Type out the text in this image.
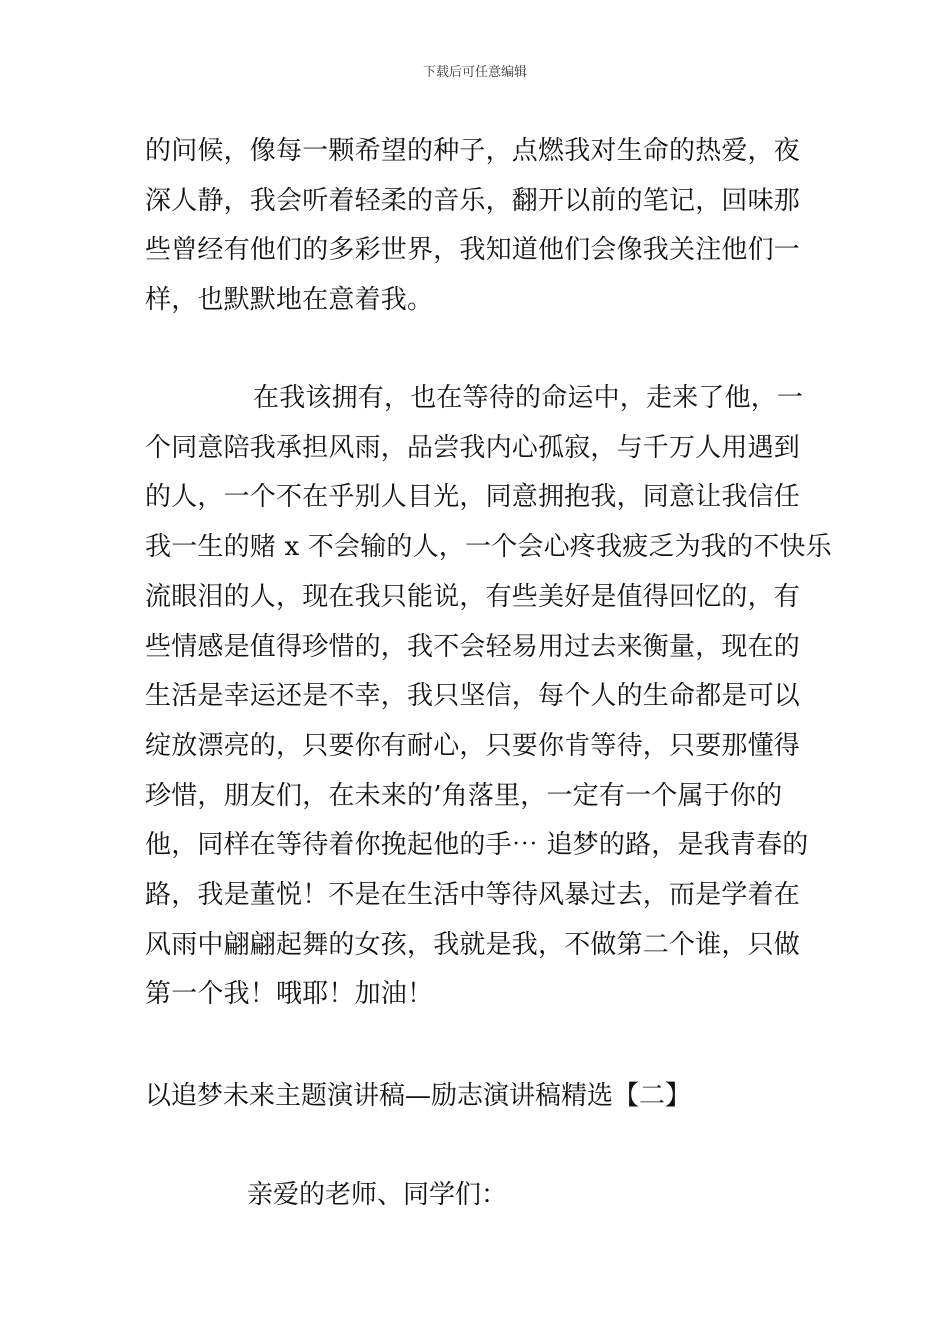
下载后可任意编辑
的问候，像每一颗希望的种子，点燃我对生命的热爱，夜
深人静，我会听着轻柔的音乐，翻开以前的笔记，回味那
些曾经有他们的多彩世界，我知道他们会像我关注他们一
样，也默默地在意着我。
在我该拥有，也在等待的命运中，走来了他，一
个同意陪我承担风雨，品尝我内心孤寂，与千万人用遇到
的人，一个不在乎别人目光，同意拥抱我，同意让我信任
我一生的赌 x 不会输的人，一个会心疼我疲乏为我的不快乐
流眼泪的人，现在我只能说，有些美好是值得回忆的，有
些情感是值得珍惜的，我不会轻易用过去来衡量，现在的
生活是幸运还是不幸，我只坚信，每个人的生命都是可以
绽放漂亮的，只要你有耐心，只要你肯等待，只要那懂得
珍惜，朋友们，在未来的’角落里，一定有一个属于你的
他，同样在等待着你挽起他的手⋯ 追梦的路，是我青春的
路，我是董悦！不是在生活中等待风暴过去，而是学着在
风雨中翩翩起舞的女孩，我就是我，不做第二个谁，只做
第一个我！哦耶！加油！
以追梦未来主题演讲稿—励志演讲稿精选【二】
亲爱的老师、同学们：
